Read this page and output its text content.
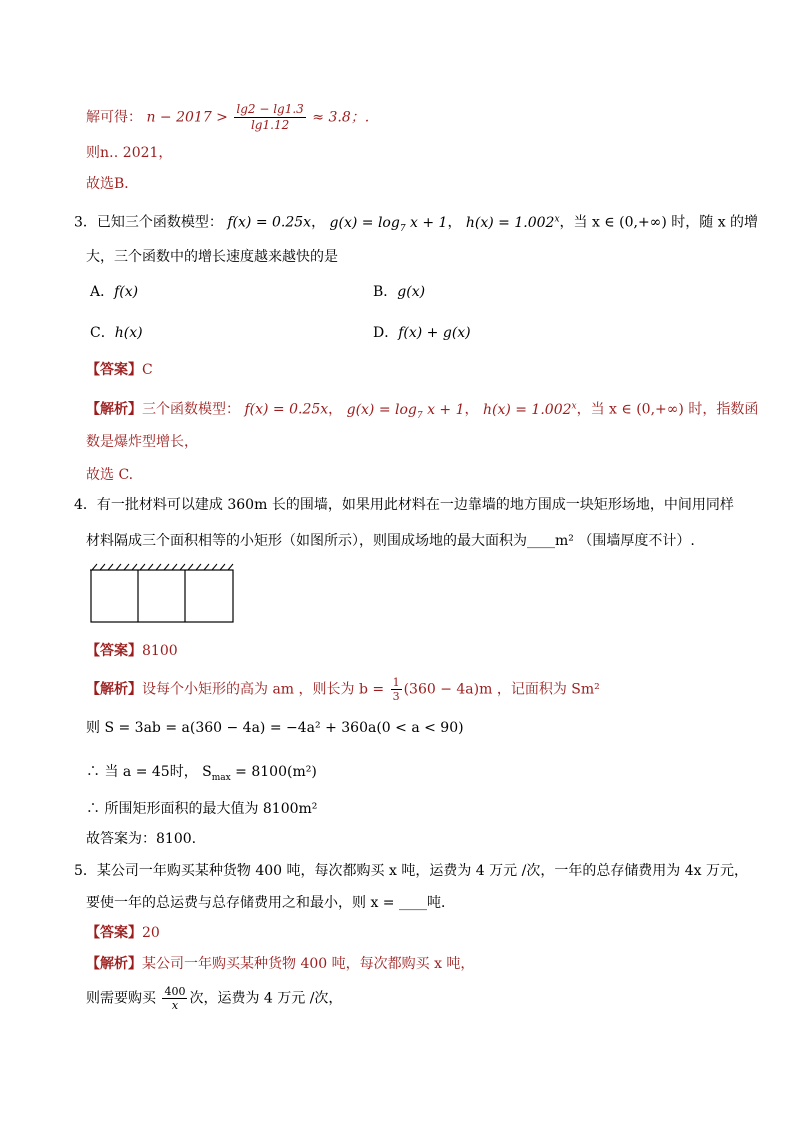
解可得： $n - 2017 > \frac{\lg 2 - \lg 1.3}{\lg 1.12} \approx 3.8$；.
则n‥ 2021，
故选B．
3．已知三个函数模型： f(x) = 0.25x， $g(x) = \log_7 x + 1$， $h(x) = 1.002^x$，当 x ∈ (0,+∞) 时，随 x 的增
大，三个函数中的增长速度越来越快的是
A．f(x)	B．g(x)
C．h(x)	D．f(x) + g(x)
【答案】C
【解析】三个函数模型： f(x) = 0.25x， $g(x) = \log_7 x + 1$， $h(x) = 1.002^x$，当 x ∈ (0,+∞) 时，指数函
数是爆炸型增长，
故选 C.
4．有一批材料可以建成 360m 长的围墙，如果用此材料在一边靠墙的地方围成一块矩形场地，中间用同样
材料隔成三个面积相等的小矩形（如图所示），则围成场地的最大面积为____m² （围墙厚度不计）.
【答案】8100
【解析】设每个小矩形的高为 am ，则长为 $b = \frac{1}{3} (360 - 4a)m$ ，记面积为 Sm²
则 S = 3ab = a(360 − 4a) = −4a² + 360a(0 < a < 90)
∴ 当 a = 45时， $S_{max} = 8100(m^2)$
∴ 所围矩形面积的最大值为 8100m²
故答案为：8100.
5．某公司一年购买某种货物 400 吨，每次都购买 x 吨，运费为 4 万元 /次，一年的总存储费用为 4x 万元，
要使一年的总运费与总存储费用之和最小，则 x = ____吨．
【答案】20
【解析】某公司一年购买某种货物 400 吨，每次都购买 x 吨，
则需要购买 $\frac{400}{x}$ 次，运费为 4 万元 /次，
